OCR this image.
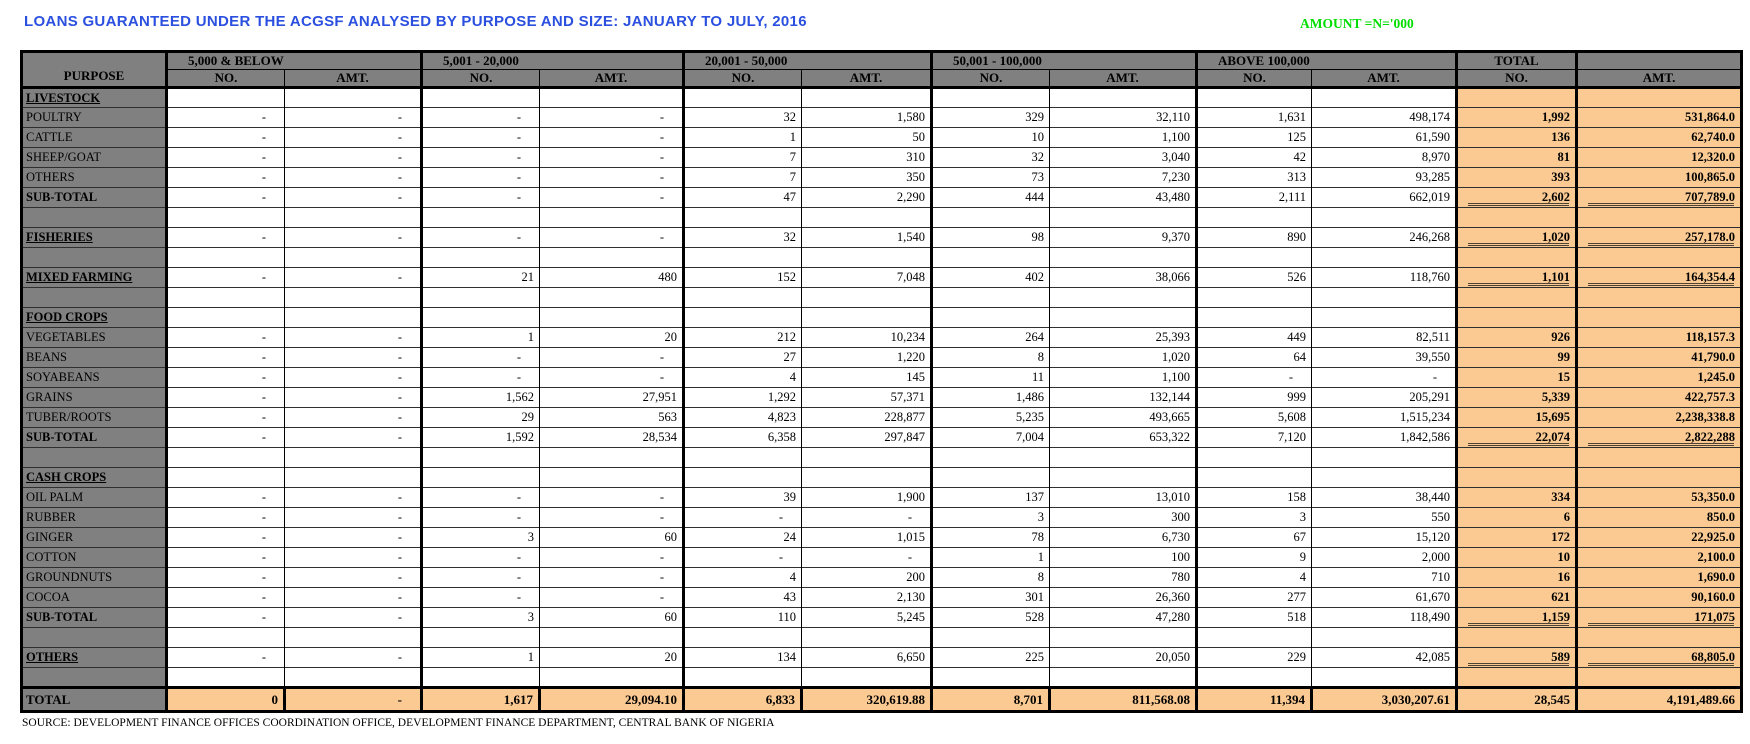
LOANS GUARANTEED UNDER THE ACGSF ANALYSED BY PURPOSE AND SIZE: JANUARY TO JULY, 2016	AMOUNT =N='000
PURPOSE	5,000 & BELOW		5,001 - 20,000		20,001 - 50,000		50,001 - 100,000		ABOVE 100,000		TOTAL	
	NO.	AMT.	NO.	AMT.	NO.	AMT.	NO.	AMT.	NO.	AMT.	NO.	AMT.
LIVESTOCK												
POULTRY	-	-	-	-	32	1,580	329	32,110	1,631	498,174	1,992	531,864.0
CATTLE	-	-	-	-	1	50	10	1,100	125	61,590	136	62,740.0
SHEEP/GOAT	-	-	-	-	7	310	32	3,040	42	8,970	81	12,320.0
OTHERS	-	-	-	-	7	350	73	7,230	313	93,285	393	100,865.0
SUB-TOTAL	-	-	-	-	47	2,290	444	43,480	2,111	662,019	2,602	707,789.0

FISHERIES	-	-	-	-	32	1,540	98	9,370	890	246,268	1,020	257,178.0

MIXED FARMING	-	-	21	480	152	7,048	402	38,066	526	118,760	1,101	164,354.4

FOOD CROPS												
VEGETABLES	-	-	1	20	212	10,234	264	25,393	449	82,511	926	118,157.3
BEANS	-	-	-	-	27	1,220	8	1,020	64	39,550	99	41,790.0
SOYABEANS	-	-	-	-	4	145	11	1,100	-	-	15	1,245.0
GRAINS	-	-	1,562	27,951	1,292	57,371	1,486	132,144	999	205,291	5,339	422,757.3
TUBER/ROOTS	-	-	29	563	4,823	228,877	5,235	493,665	5,608	1,515,234	15,695	2,238,338.8
SUB-TOTAL	-	-	1,592	28,534	6,358	297,847	7,004	653,322	7,120	1,842,586	22,074	2,822,288

CASH CROPS												
OIL PALM	-	-	-	-	39	1,900	137	13,010	158	38,440	334	53,350.0
RUBBER	-	-	-	-	-	-	3	300	3	550	6	850.0
GINGER	-	-	3	60	24	1,015	78	6,730	67	15,120	172	22,925.0
COTTON	-	-	-	-	-	-	1	100	9	2,000	10	2,100.0
GROUNDNUTS	-	-	-	-	4	200	8	780	4	710	16	1,690.0
COCOA	-	-	-	-	43	2,130	301	26,360	277	61,670	621	90,160.0
SUB-TOTAL	-	-	3	60	110	5,245	528	47,280	518	118,490	1,159	171,075

OTHERS	-	-	1	20	134	6,650	225	20,050	229	42,085	589	68,805.0

TOTAL	0	-	1,617	29,094.10	6,833	320,619.88	8,701	811,568.08	11,394	3,030,207.61	28,545	4,191,489.66
SOURCE: DEVELOPMENT FINANCE OFFICES COORDINATION OFFICE, DEVELOPMENT FINANCE DEPARTMENT, CENTRAL BANK OF NIGERIA
